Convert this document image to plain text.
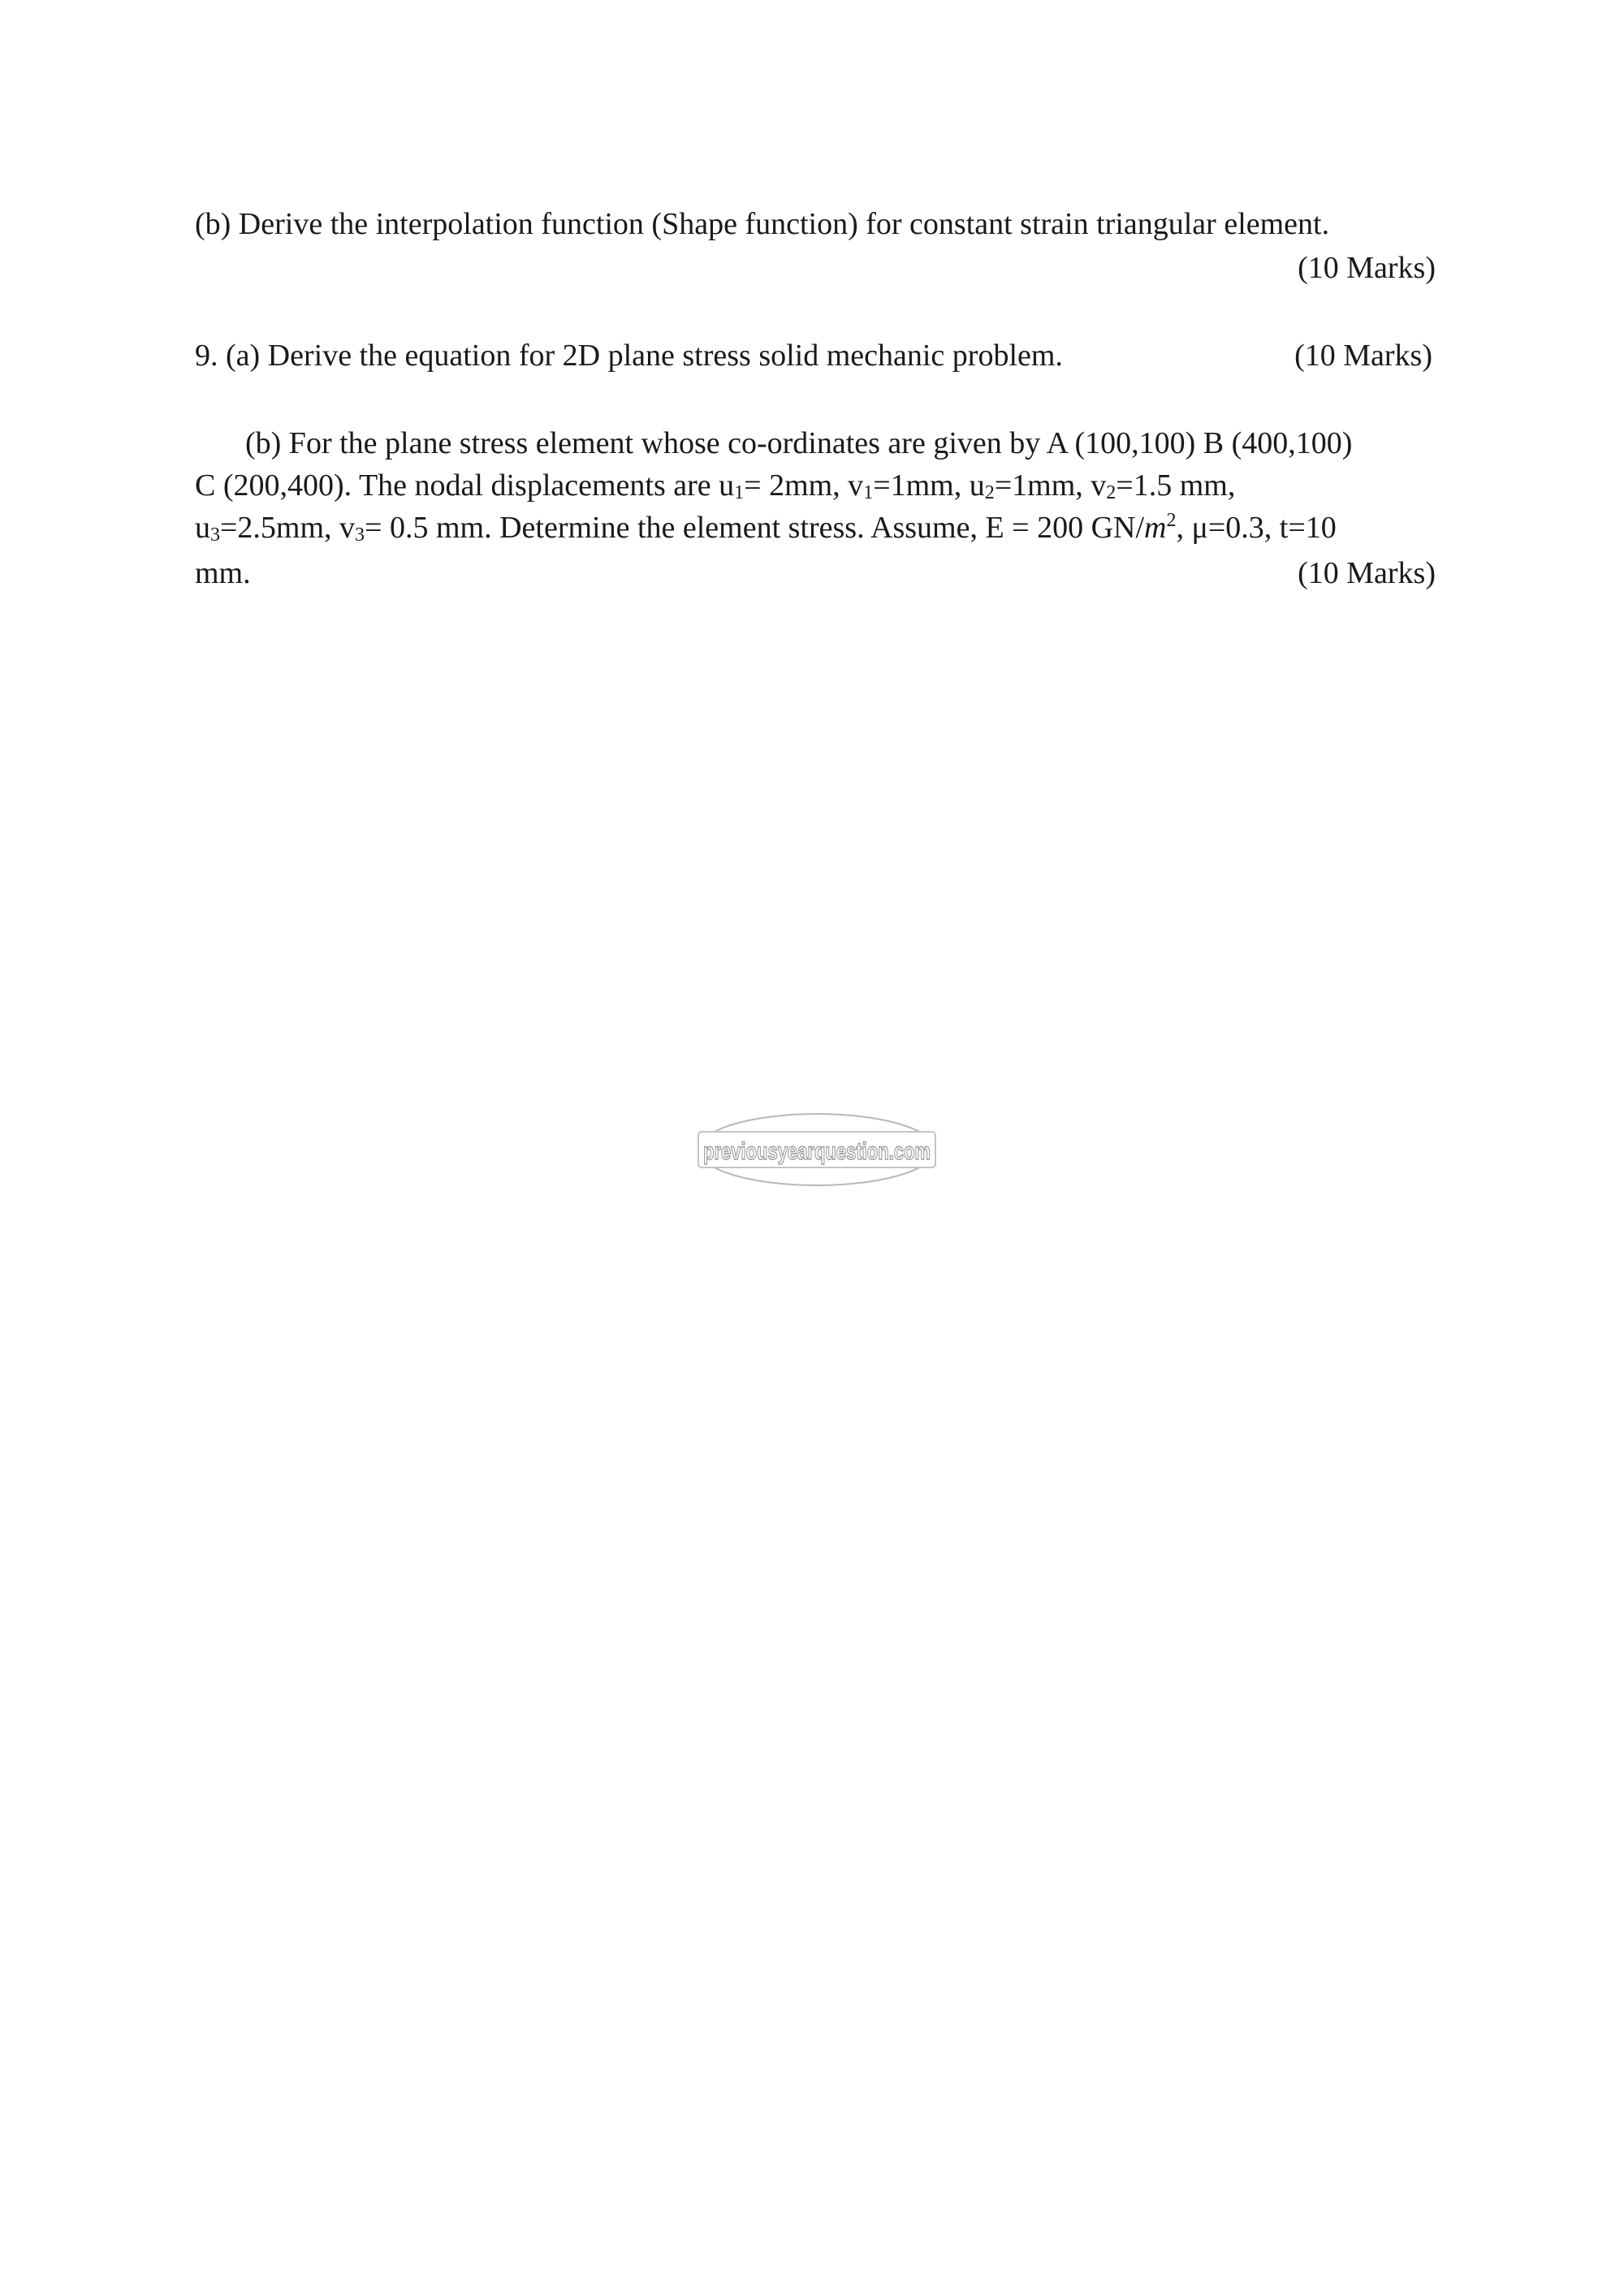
(b) Derive the interpolation function (Shape function) for constant strain triangular element.
(10 Marks)
9. (a) Derive the equation for 2D plane stress solid mechanic problem.	(10 Marks)
(b) For the plane stress element whose co-ordinates are given by A (100,100) B (400,100)
C (200,400). The nodal displacements are $u_1= 2mm$, $v_1=1mm$, $u_2=1mm$, $v_2=1.5$ mm,
$u_3=2.5mm$, $v_3= 0.5$ mm. Determine the element stress. Assume, E = 200 $GN/m^2$, μ=0.3, t=10
mm.	(10 Marks)
previousyearquestion.com
